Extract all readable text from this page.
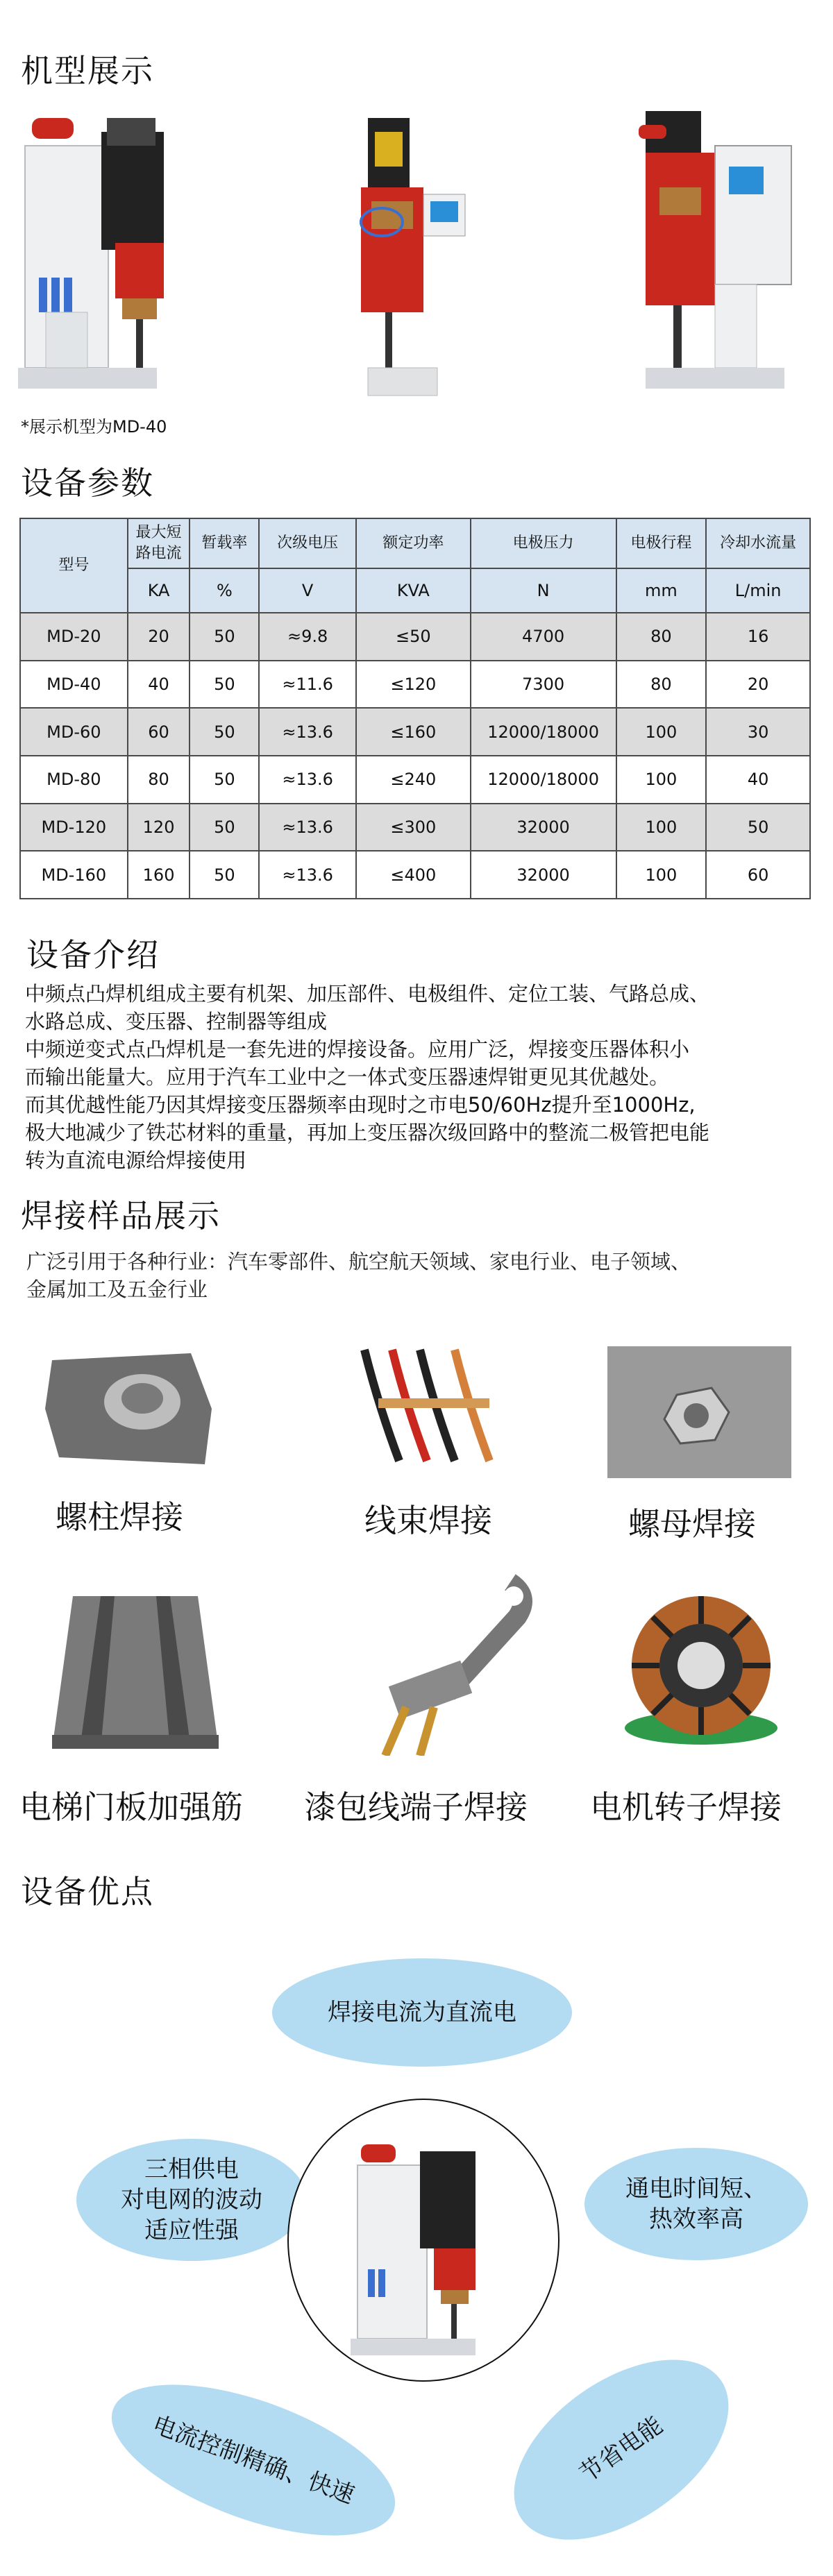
机型展示
*展示机型为MD-40
设备参数
型号	最大短路电流	暂载率	次级电压	额定功率	电极压力	电极行程	冷却水流量
	KA	%	V	KVA	N	mm	L/min
MD-20	20	50	≈9.8	≤50	4700	80	16
MD-40	40	50	≈11.6	≤120	7300	80	20
MD-60	60	50	≈13.6	≤160	12000/18000	100	30
MD-80	80	50	≈13.6	≤240	12000/18000	100	40
MD-120	120	50	≈13.6	≤300	32000	100	50
MD-160	160	50	≈13.6	≤400	32000	100	60
设备介绍
中频点凸焊机组成主要有机架、加压部件、电极组件、定位工装、气路总成、
水路总成、变压器、控制器等组成
中频逆变式点凸焊机是一套先进的焊接设备。应用广泛，焊接变压器体积小
而输出能量大。应用于汽车工业中之一体式变压器速焊钳更见其优越处。
而其优越性能乃因其焊接变压器频率由现时之市电50/60Hz提升至1000Hz,
极大地减少了铁芯材料的重量，再加上变压器次级回路中的整流二极管把电能
转为直流电源给焊接使用
焊接样品展示
广泛引用于各种行业：汽车零部件、航空航天领域、家电行业、电子领域、
金属加工及五金行业
螺柱焊接	线束焊接	螺母焊接
电梯门板加强筋 漆包线端子焊接 电机转子焊接
设备优点
焊接电流为直流电
三相供电
对电网的波动
适应性强
通电时间短、
热效率高
电流控制精确、快速	节省电能
